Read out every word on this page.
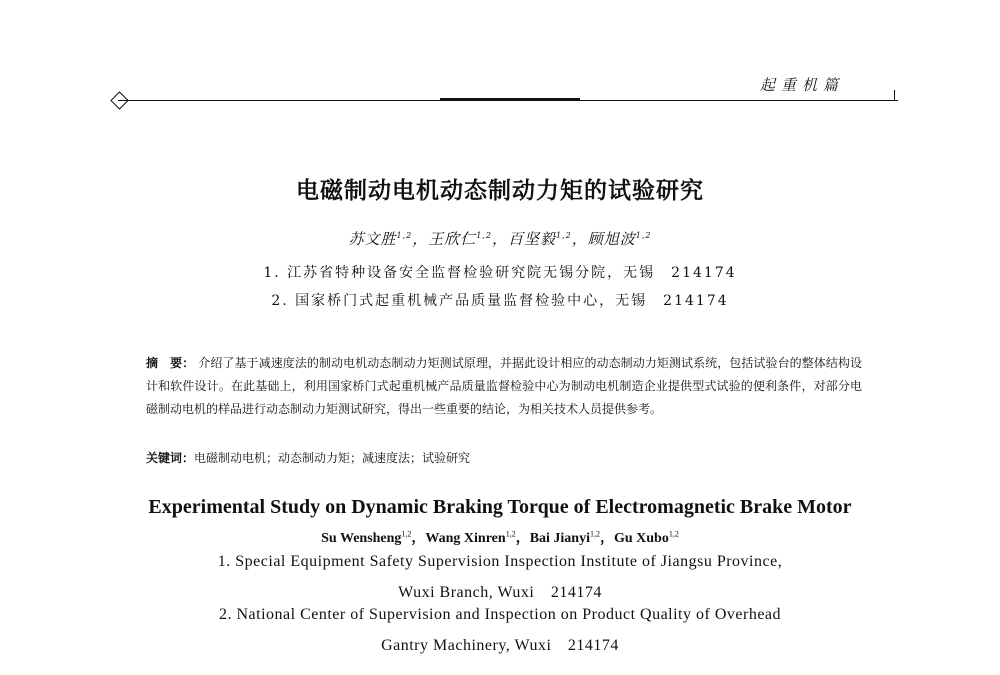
起重机篇
电磁制动电机动态制动力矩的试验研究
苏文胜$^{1,2}$，王欣仁$^{1,2}$，百坚毅$^{1,2}$，顾旭波$^{1,2}$
1. 江苏省特种设备安全监督检验研究院无锡分院，无锡　214174
2. 国家桥门式起重机械产品质量监督检验中心，无锡　214174
摘　要： 介绍了基于减速度法的制动电机动态制动力矩测试原理，并据此设计相应的动态制动力矩测试系统，包括试验台的整体结构设计和软件设计。在此基础上，利用国家桥门式起重机械产品质量监督检验中心为制动电机制造企业提供型式试验的便利条件，对部分电磁制动电机的样品进行动态制动力矩测试研究，得出一些重要的结论，为相关技术人员提供参考。
关键词：电磁制动电机；动态制动力矩；减速度法；试验研究
Experimental Study on Dynamic Braking Torque of Electromagnetic Brake Motor
Su Wensheng$^{1,2}$，Wang Xinren$^{1,2}$，Bai Jianyi$^{1,2}$，Gu Xubo$^{1,2}$
1. Special Equipment Safety Supervision Inspection Institute of Jiangsu Province,
Wuxi Branch, Wuxi　214174
2. National Center of Supervision and Inspection on Product Quality of Overhead
Gantry Machinery, Wuxi　214174
